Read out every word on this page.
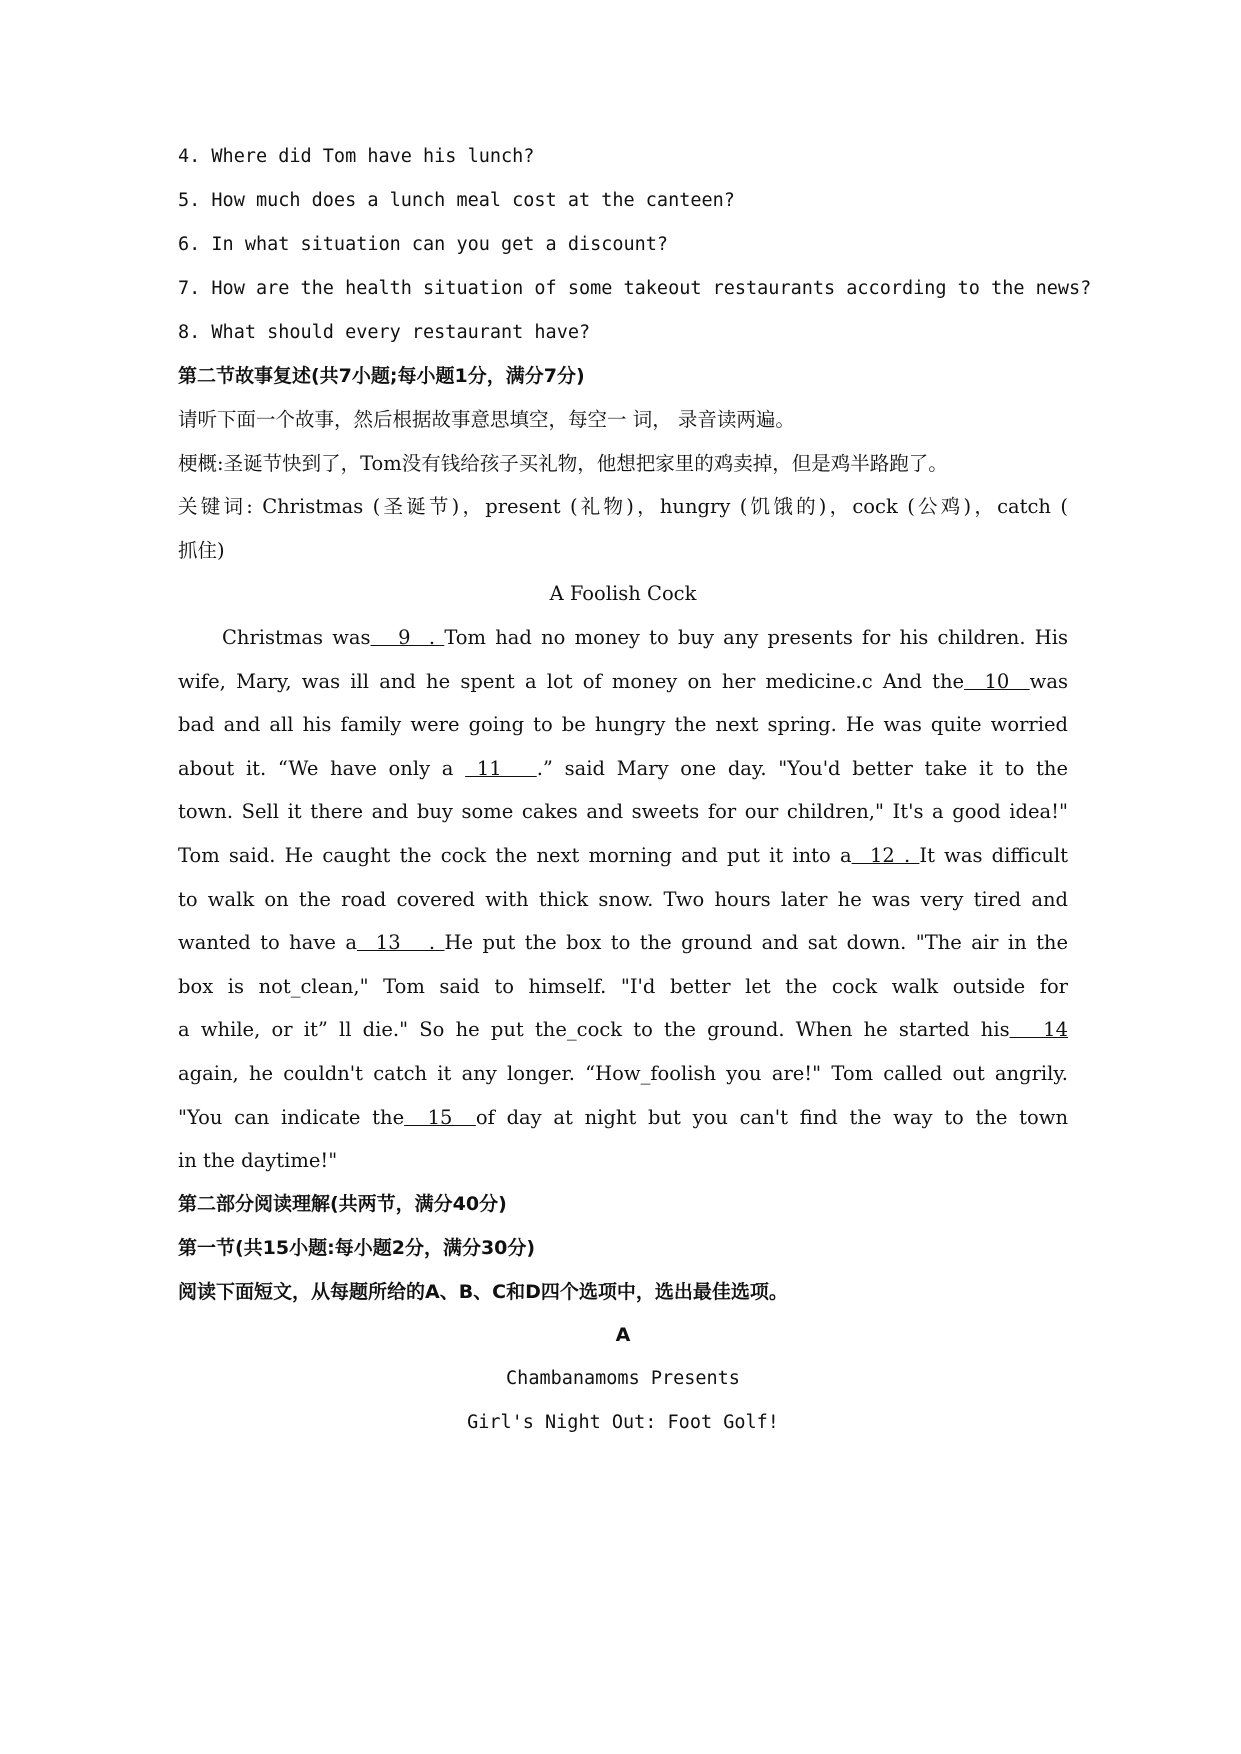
4. Where did Tom have his lunch?
5. How much does a lunch meal cost at the canteen?
6. In what situation can you get a discount?
7. How are the health situation of some takeout restaurants according to the news?
8. What should every restaurant have?
第二节故事复述(共7小题;每小题1分，满分7分)
请听下面一个故事，然后根据故事意思填空，每空一 词， 录音读两遍。
梗概:圣诞节快到了，Tom没有钱给孩子买礼物，他想把家里的鸡卖掉，但是鸡半路跑了。
关键词: Christmas (圣诞节)，present (礼物)，hungry (饥饿的)，cock (公鸡)，catch (
抓住)
A Foolish Cock
Christmas was   9  . Tom had no money to buy any presents for his children. His
wife, Mary, was ill and he spent a lot of money on her medicine.c And the  10  was
bad and all his family were going to be hungry the next spring. He was quite worried
about it. “We have only a  11   .” said Mary one day. "You'd better take it to the
town. Sell it there and buy some cakes and sweets for our children," It's a good idea!"
Tom said. He caught the cock the next morning and put it into a  12 . It was difficult
to walk on the road covered with thick snow. Two hours later he was very tired and
wanted to have a  13   . He put the box to the ground and sat down. "The air in the
box is not_clean," Tom said to himself. "I'd better let the cock walk outside for
a while, or it” ll die." So he put the_cock to the ground. When he started his   14
again, he couldn't catch it any longer. “How_foolish you are!" Tom called out angrily.
"You can indicate the  15  of day at night but you can't find the way to the town
in the daytime!"
第二部分阅读理解(共两节，满分40分)
第一节(共15小题:每小题2分，满分30分)
阅读下面短文，从每题所给的A、B、C和D四个选项中，选出最佳选项。
A
Chambanamoms Presents
Girl's Night Out: Foot Golf!
